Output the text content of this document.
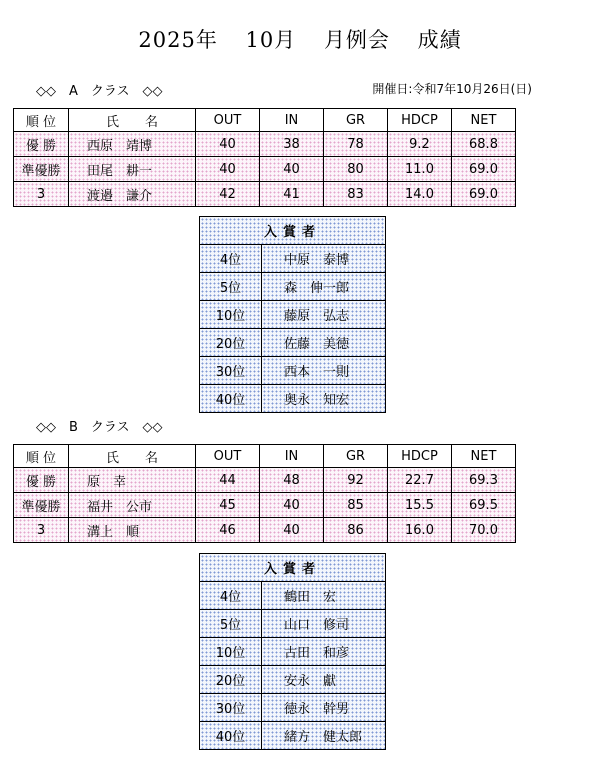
2025年 10月 月例会 成績
◇◇　A　クラス　◇◇	開催日:令和7年10月26日(日)
順 位	氏　　名	OUT	IN	GR	HDCP	NET
優 勝	西原　靖博	40	38	78	9.2	68.8
準優勝	田尾　耕一	40	40	80	11.0	69.0
3	渡邉　謙介	42	41	83	14.0	69.0
入賞者	
4位	中原　泰博
5位	森　伸一郎
10位	藤原　弘志
20位	佐藤　美徳
30位	西本　一則
40位	奥永　知宏
◇◇　B　クラス　◇◇
順 位	氏　　名	OUT	IN	GR	HDCP	NET
優 勝	原　幸	44	48	92	22.7	69.3
準優勝	福井　公市	45	40	85	15.5	69.5
3	溝上　順	46	40	86	16.0	70.0
入賞者	
4位	鶴田　宏
5位	山口　修司
10位	古田　和彦
20位	安永　獻
30位	徳永　幹男
40位	緒方　健太郎
